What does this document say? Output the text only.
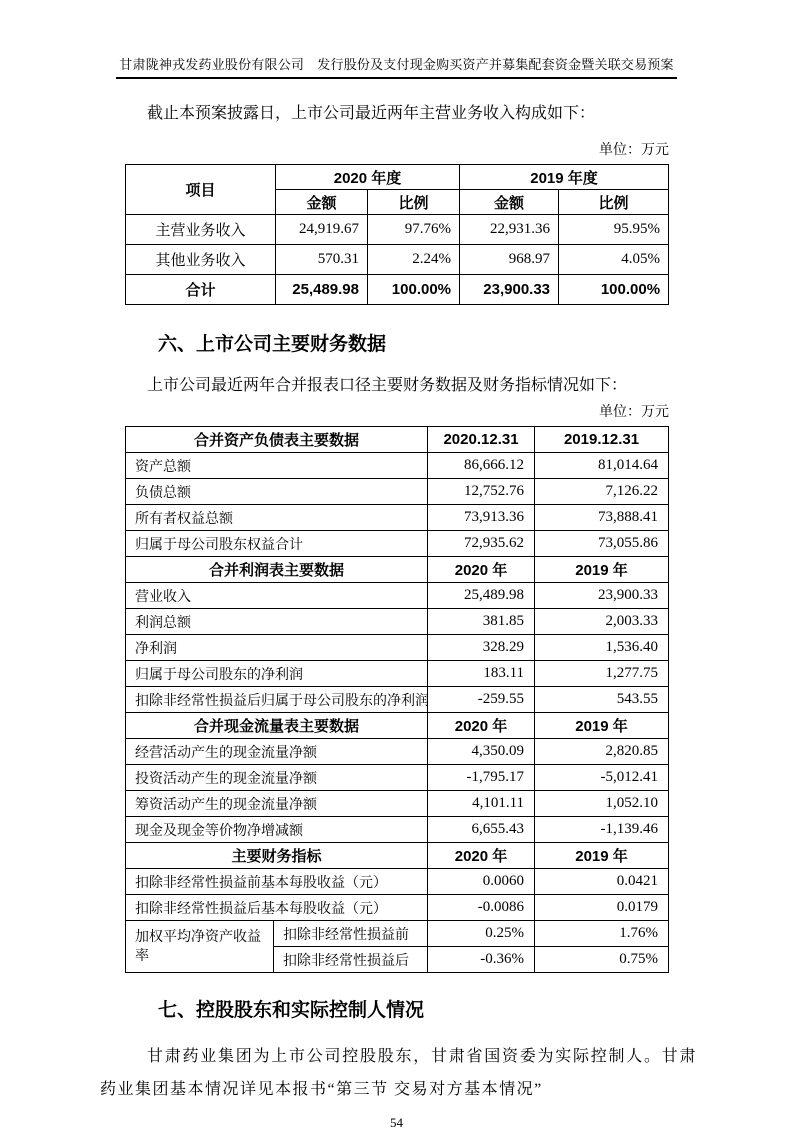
甘肃陇神戎发药业股份有限公司　发行股份及支付现金购买资产并募集配套资金暨关联交易预案

截止本预案披露日，上市公司最近两年主营业务收入构成如下：

单位：万元
项目	2020 年度		2019 年度	
	金额	比例	金额	比例
主营业务收入	24,919.67	97.76%	22,931.36	95.95%
其他业务收入	570.31	2.24%	968.97	4.05%
合计	25,489.98	100.00%	23,900.33	100.00%
六、上市公司主要财务数据

上市公司最近两年合并报表口径主要财务数据及财务指标情况如下：

单位：万元
合并资产负债表主要数据		2020.12.31	2019.12.31
资产总额		86,666.12	81,014.64
负债总额		12,752.76	7,126.22
所有者权益总额		73,913.36	73,888.41
归属于母公司股东权益合计		72,935.62	73,055.86
合并利润表主要数据		2020 年	2019 年
营业收入		25,489.98	23,900.33
利润总额		381.85	2,003.33
净利润		328.29	1,536.40
归属于母公司股东的净利润		183.11	1,277.75
扣除非经常性损益后归属于母公司股东的净利润		-259.55	543.55
合并现金流量表主要数据		2020 年	2019 年
经营活动产生的现金流量净额		4,350.09	2,820.85
投资活动产生的现金流量净额		-1,795.17	-5,012.41
筹资活动产生的现金流量净额		4,101.11	1,052.10
现金及现金等价物净增减额		6,655.43	-1,139.46
主要财务指标		2020 年	2019 年
扣除非经常性损益前基本每股收益（元）		0.0060	0.0421
扣除非经常性损益后基本每股收益（元）		-0.0086	0.0179
加权平均净资产收益率	扣除非经常性损益前	0.25%	1.76%
	扣除非经常性损益后	-0.36%	0.75%
七、控股股东和实际控制人情况

甘肃药业集团为上市公司控股股东，甘肃省国资委为实际控制人。甘肃药业集团基本情况详见本报书“第三节 交易对方基本情况”

54
